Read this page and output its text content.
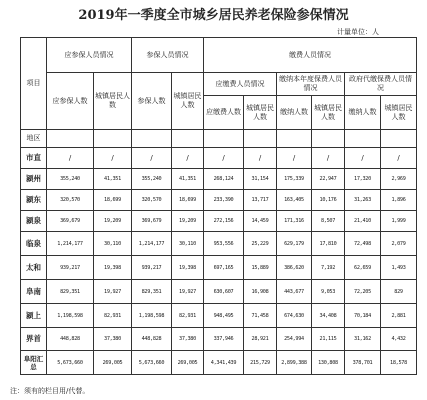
2019年一季度全市城乡居民养老保险参保情况
计量单位：人
项目	应参保人员情况		参保人员情况		缴费人员情况					
	应参保人数	城镇居民人数	参保人数	城镇居民人数	应缴费人员情况		缴纳本年度保费人员情况		政府代缴保费人员情况	
					应缴费人数	城镇居民人数	缴纳人数	城镇居民人数	缴纳人数	城镇居民人数
地区										
市直	/	/	/	/	/	/	/	/	/	/
颍州	355,240	41,351	355,240	41,351	268,124	31,154	175,339	22,947	17,320	2,969
颍东	320,570	18,699	320,570	18,699	233,390	13,717	163,405	10,176	31,263	1,896
颍泉	369,679	19,209	369,679	19,209	272,156	14,459	171,316	8,507	21,410	1,999
临泉	1,214,177	30,110	1,214,177	30,110	953,556	25,229	629,179	17,810	72,498	2,079
太和	939,217	19,398	939,217	19,398	697,165	15,889	386,620	7,192	62,659	1,493
阜南	829,351	19,927	829,351	19,927	630,607	16,908	443,677	9,053	72,205	829
颍上	1,198,598	82,931	1,198,598	82,931	948,495	71,458	674,630	34,408	70,184	2,881
界首	448,828	37,380	448,828	37,380	337,946	28,921	254,994	21,115	31,162	4,432
阜阳汇总	5,673,660	269,005	5,673,660	269,005	4,341,439	215,729	2,899,388	130,808	378,701	18,578
注：须有的栏目用/代替。
